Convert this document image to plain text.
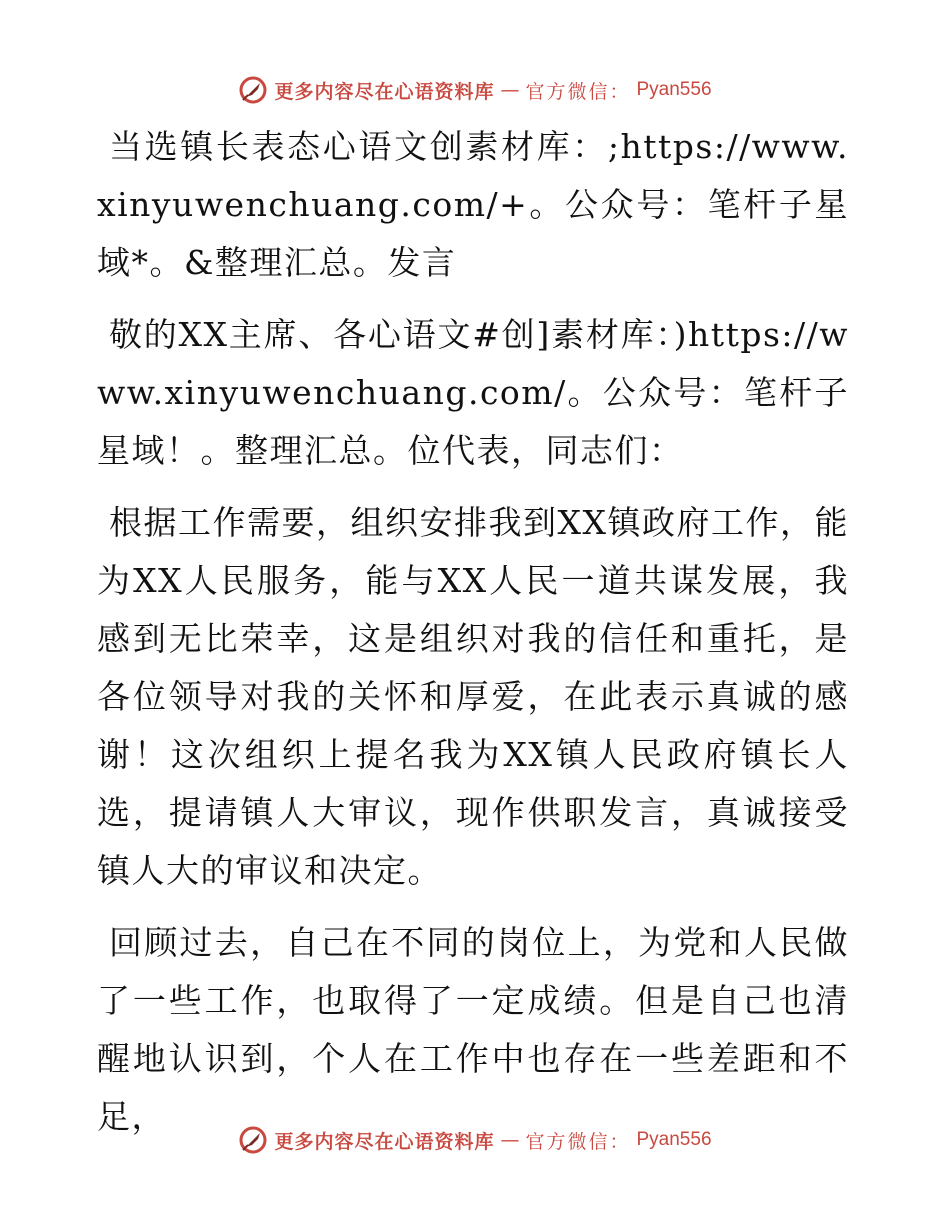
更多内容尽在心语资料库 — 官方微信： Pyan556

当选镇长表态心语文创素材库：;https://www.xinyuwenchuang.com/+。公众号：笔杆子星域*。&整理汇总。发言

敬的XX主席、各心语文#创]素材库：)https://www.xinyuwenchuang.com/。公众号：笔杆子星域！。整理汇总。位代表，同志们：

根据工作需要，组织安排我到XX镇政府工作，能为XX人民服务，能与XX人民一道共谋发展，我感到无比荣幸，这是组织对我的信任和重托，是各位领导对我的关怀和厚爱，在此表示真诚的感谢！这次组织上提名我为XX镇人民政府镇长人选，提请镇人大审议，现作供职发言，真诚接受镇人大的审议和决定。

回顾过去，自己在不同的岗位上，为党和人民做了一些工作，也取得了一定成绩。但是自己也清醒地认识到，个人在工作中也存在一些差距和不足，

更多内容尽在心语资料库 — 官方微信： Pyan556
